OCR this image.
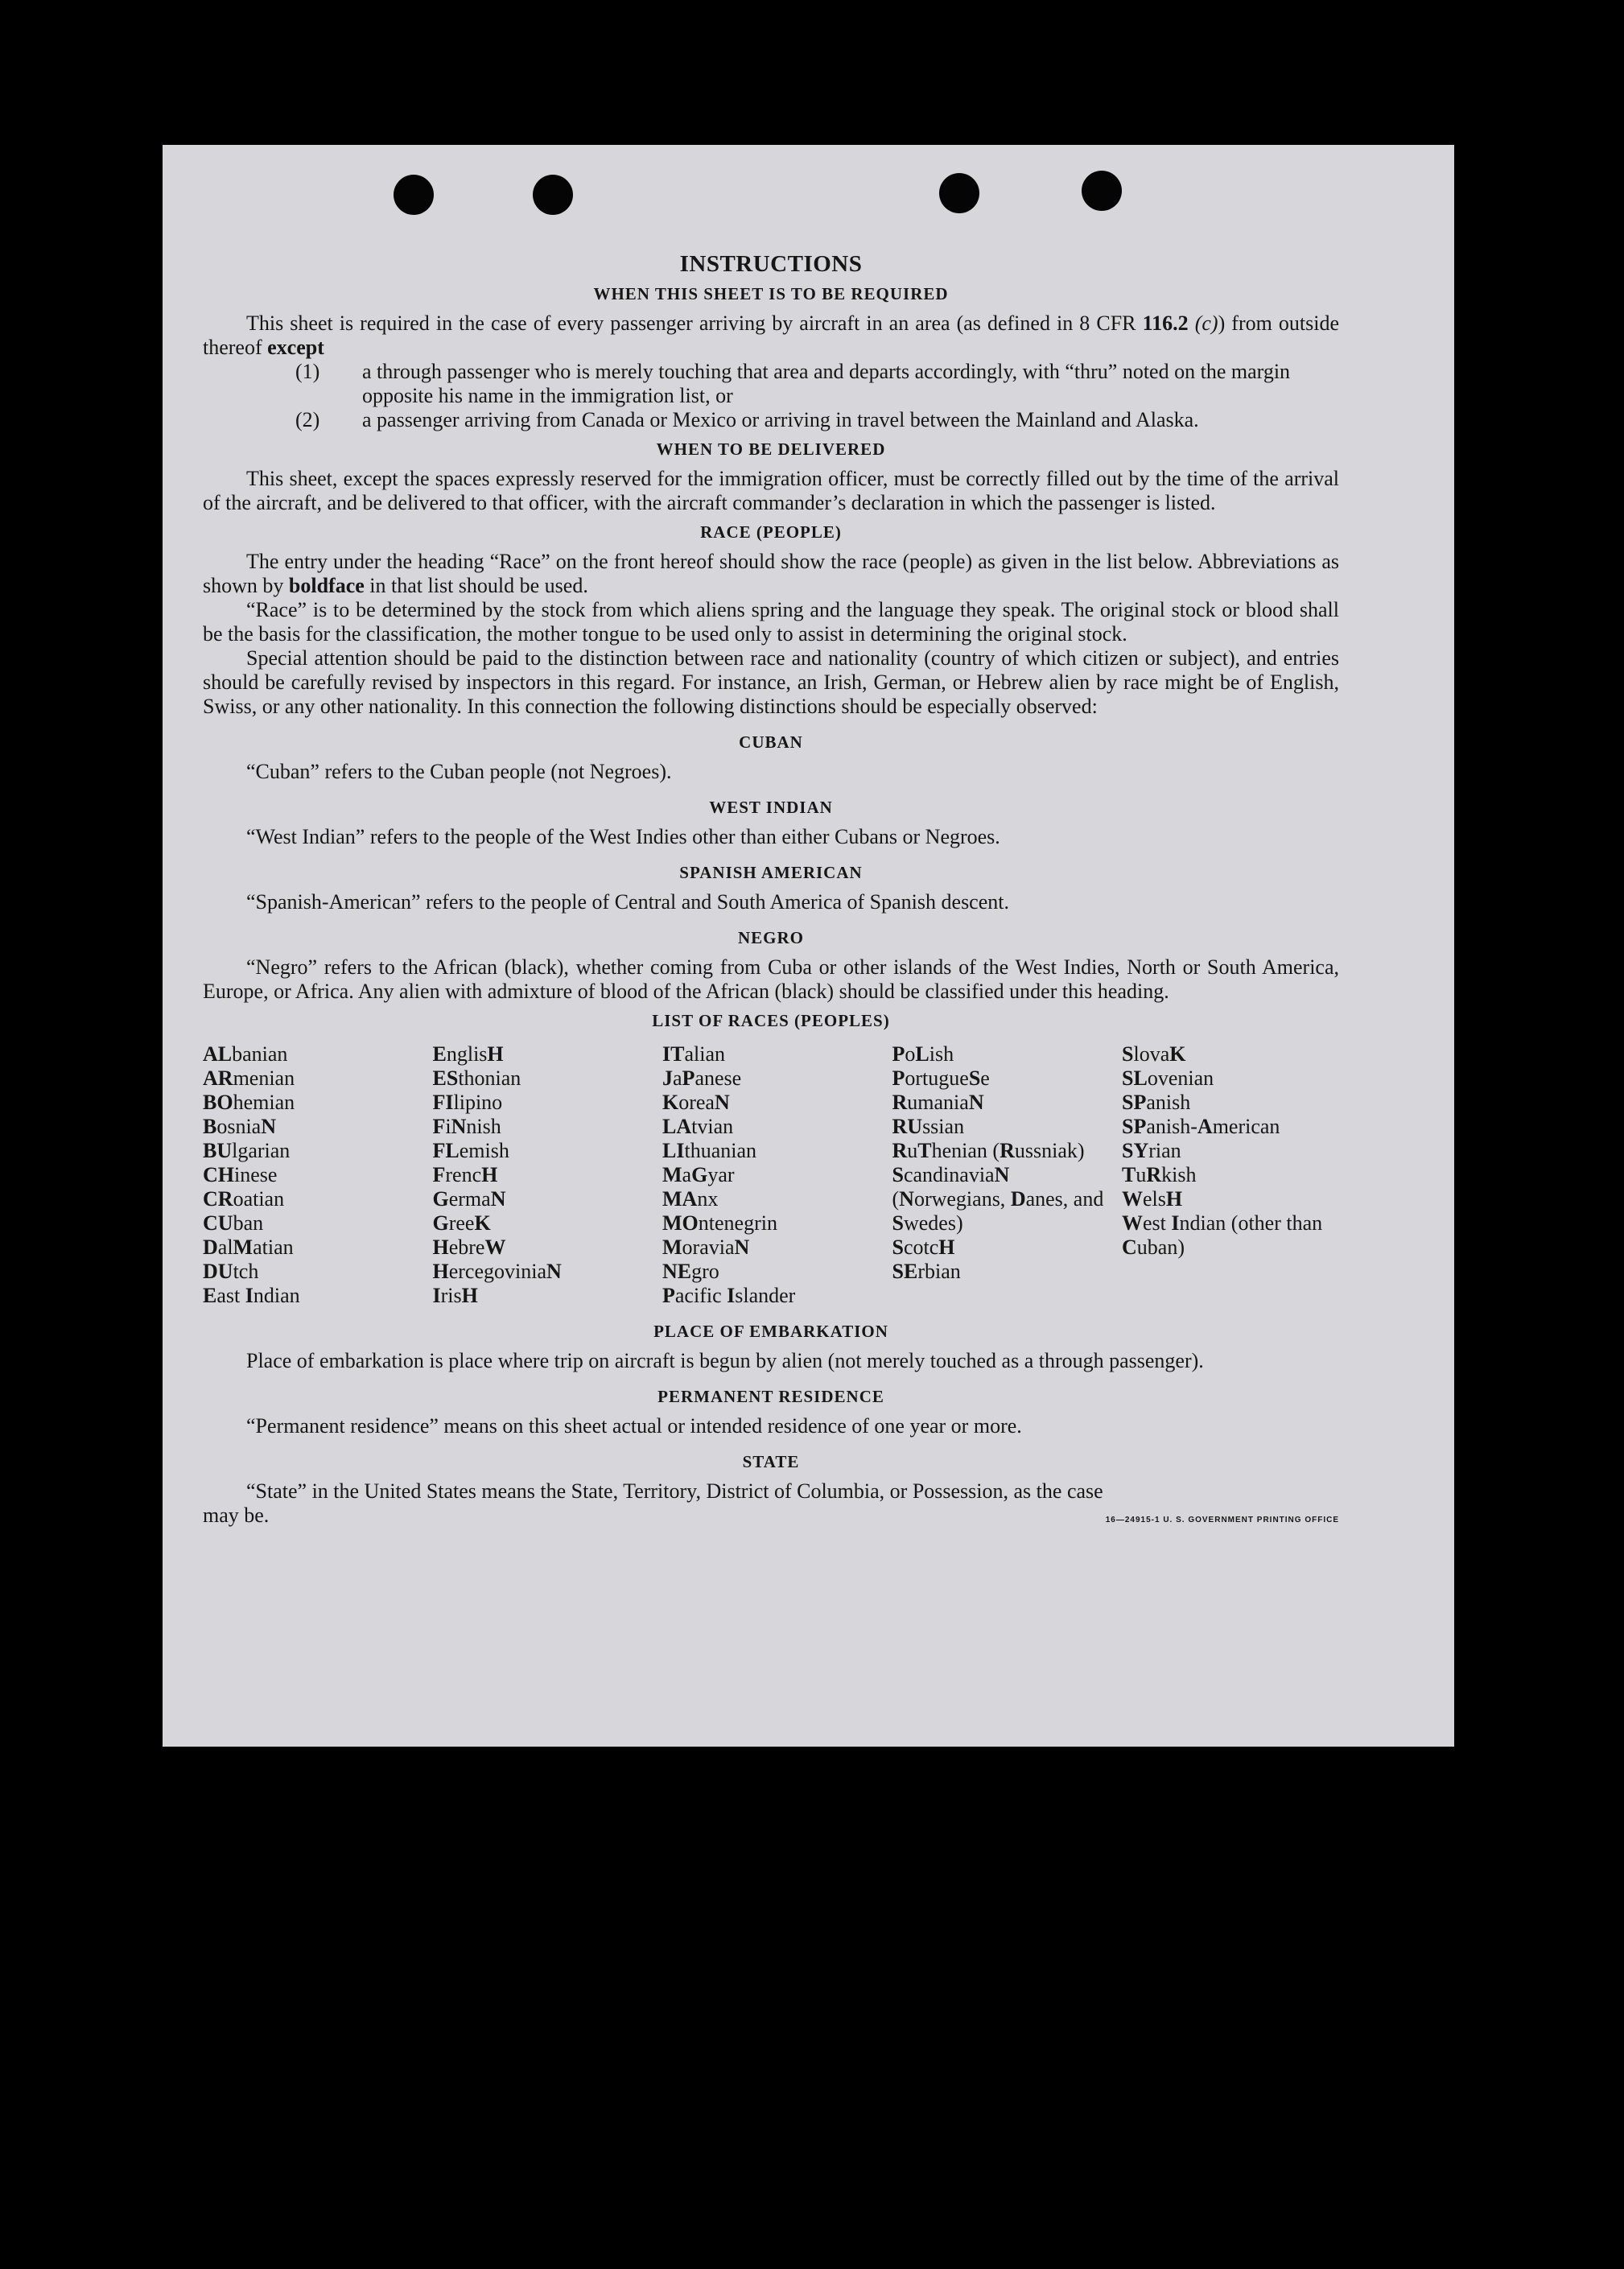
INSTRUCTIONS
WHEN THIS SHEET IS TO BE REQUIRED

This sheet is required in the case of every passenger arriving by aircraft in an area (as defined in 8 CFR 116.2 (c)) from outside thereof except

(1) a through passenger who is merely touching that area and departs accordingly, with “thru” noted on the margin opposite his name in the immigration list, or
(2) a passenger arriving from Canada or Mexico or arriving in travel between the Mainland and Alaska.
WHEN TO BE DELIVERED

This sheet, except the spaces expressly reserved for the immigration officer, must be correctly filled out by the time of the arrival of the aircraft, and be delivered to that officer, with the aircraft commander’s declaration in which the passenger is listed.

RACE (PEOPLE)

The entry under the heading “Race” on the front hereof should show the race (people) as given in the list below. Abbreviations as shown by boldface in that list should be used.

“Race” is to be determined by the stock from which aliens spring and the language they speak. The original stock or blood shall be the basis for the classification, the mother tongue to be used only to assist in determining the original stock.

Special attention should be paid to the distinction between race and nationality (country of which citizen or subject), and entries should be carefully revised by inspectors in this regard. For instance, an Irish, German, or Hebrew alien by race might be of English, Swiss, or any other nationality. In this connection the following distinctions should be especially observed:

CUBAN

“Cuban” refers to the Cuban people (not Negroes).

WEST INDIAN

“West Indian” refers to the people of the West Indies other than either Cubans or Negroes.

SPANISH AMERICAN

“Spanish-American” refers to the people of Central and South America of Spanish descent.

NEGRO

“Negro” refers to the African (black), whether coming from Cuba or other islands of the West Indies, North or South America, Europe, or Africa. Any alien with admixture of blood of the African (black) should be classified under this heading.

LIST OF RACES (PEOPLES)
ALbanian
ARmenian
BOhemian
BosniaN
BUlgarian
CHinese
CRoatian
CUban
DalMatian
DUtch
East Indian
EnglisH
ESthonian
FIlipino
FiNnish
FLemish
FrencH
GermaN
GreeK
HebreW
HercegoviniaN
IrisH
ITalian
JaPanese
KoreaN
LAtvian
LIthuanian
MaGyar
MAnx
MOntenegrin
MoraviaN
NEgro
Pacific Islander
PoLish
PortugueSe
RumaniaN
RUssian
RuThenian (Russniak)
ScandinaviaN (Norwegians, Danes, and Swedes)
ScotcH
SErbian
SlovaK
SLovenian
SPanish
SPanish-American
SYrian
TuRkish
WelsH
West Indian (other than Cuban)
PLACE OF EMBARKATION

Place of embarkation is place where trip on aircraft is begun by alien (not merely touched as a through passenger).

PERMANENT RESIDENCE

“Permanent residence” means on this sheet actual or intended residence of one year or more.

STATE

“State” in the United States means the State, Territory, District of Columbia, or Possession, as the case

may be.	16—24915-1 U. S. GOVERNMENT PRINTING OFFICE
